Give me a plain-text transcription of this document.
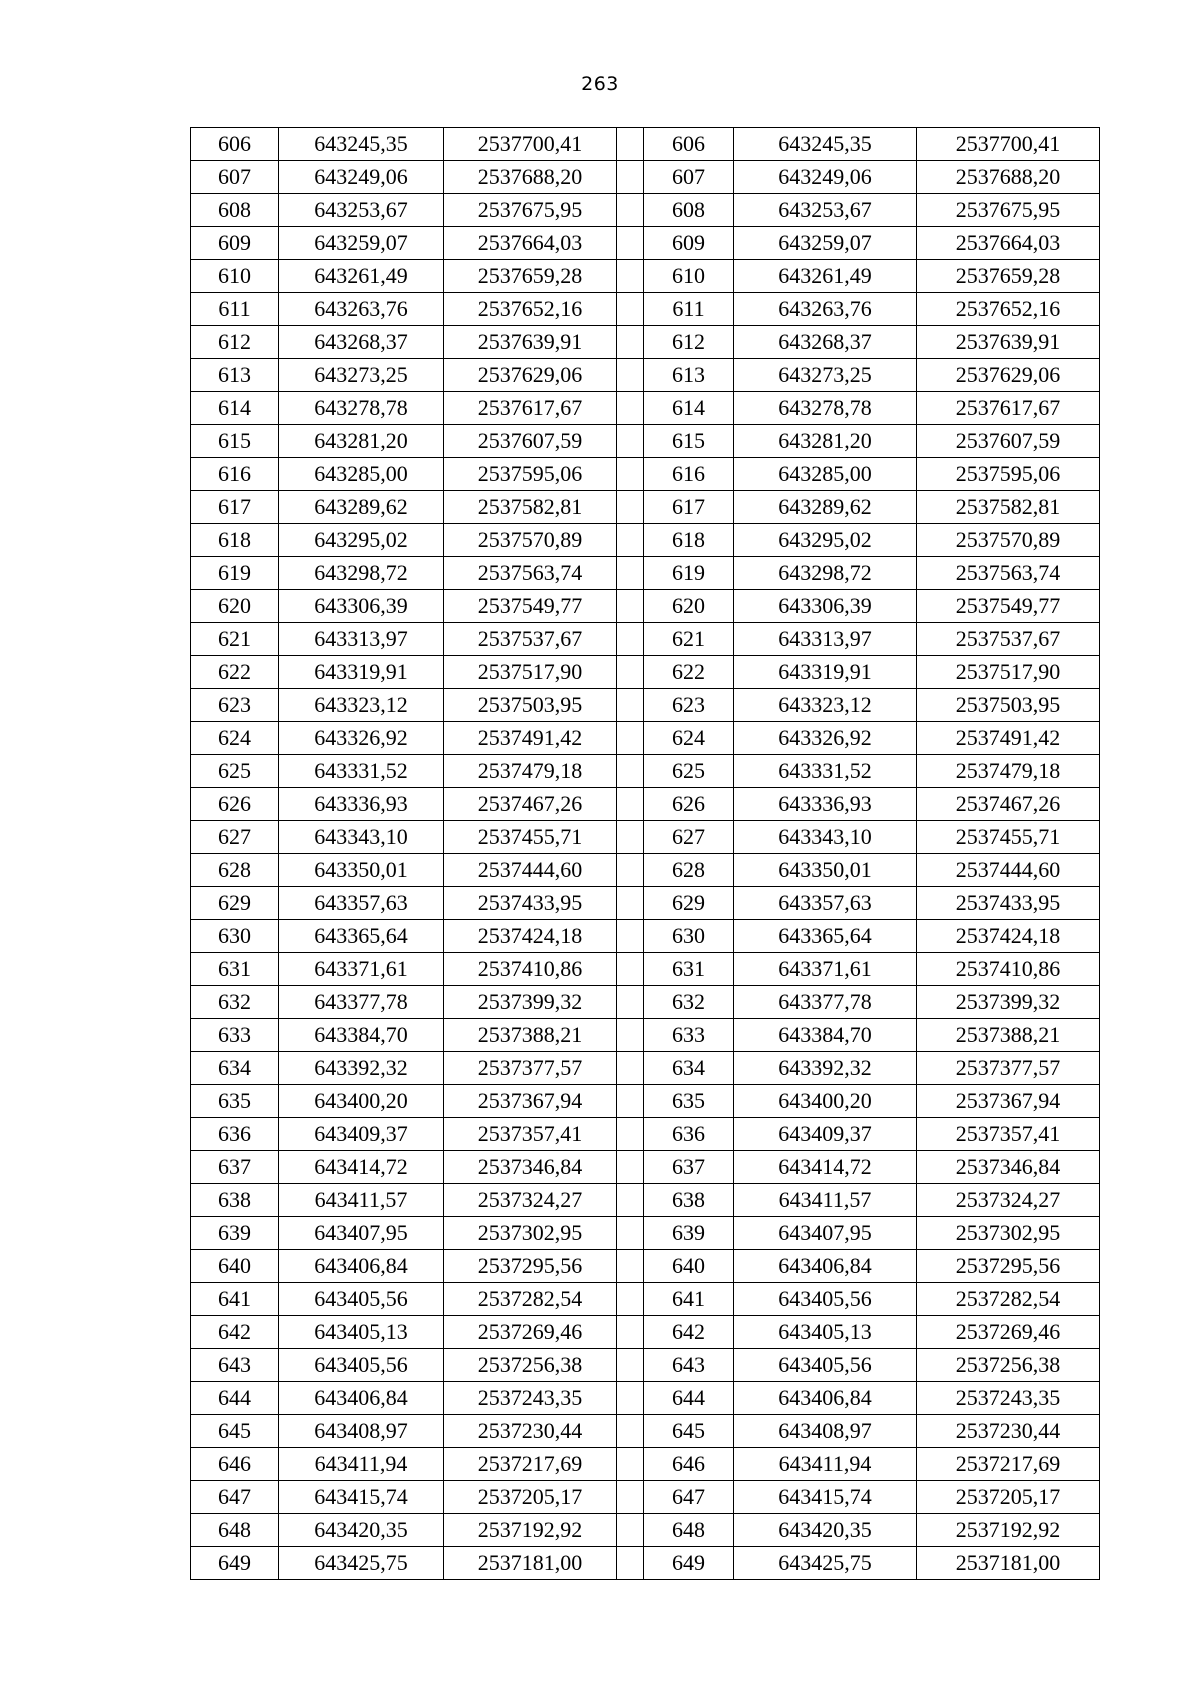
263
606	643245,35	2537700,41		606	643245,35	2537700,41
607	643249,06	2537688,20		607	643249,06	2537688,20
608	643253,67	2537675,95		608	643253,67	2537675,95
609	643259,07	2537664,03		609	643259,07	2537664,03
610	643261,49	2537659,28		610	643261,49	2537659,28
611	643263,76	2537652,16		611	643263,76	2537652,16
612	643268,37	2537639,91		612	643268,37	2537639,91
613	643273,25	2537629,06		613	643273,25	2537629,06
614	643278,78	2537617,67		614	643278,78	2537617,67
615	643281,20	2537607,59		615	643281,20	2537607,59
616	643285,00	2537595,06		616	643285,00	2537595,06
617	643289,62	2537582,81		617	643289,62	2537582,81
618	643295,02	2537570,89		618	643295,02	2537570,89
619	643298,72	2537563,74		619	643298,72	2537563,74
620	643306,39	2537549,77		620	643306,39	2537549,77
621	643313,97	2537537,67		621	643313,97	2537537,67
622	643319,91	2537517,90		622	643319,91	2537517,90
623	643323,12	2537503,95		623	643323,12	2537503,95
624	643326,92	2537491,42		624	643326,92	2537491,42
625	643331,52	2537479,18		625	643331,52	2537479,18
626	643336,93	2537467,26		626	643336,93	2537467,26
627	643343,10	2537455,71		627	643343,10	2537455,71
628	643350,01	2537444,60		628	643350,01	2537444,60
629	643357,63	2537433,95		629	643357,63	2537433,95
630	643365,64	2537424,18		630	643365,64	2537424,18
631	643371,61	2537410,86		631	643371,61	2537410,86
632	643377,78	2537399,32		632	643377,78	2537399,32
633	643384,70	2537388,21		633	643384,70	2537388,21
634	643392,32	2537377,57		634	643392,32	2537377,57
635	643400,20	2537367,94		635	643400,20	2537367,94
636	643409,37	2537357,41		636	643409,37	2537357,41
637	643414,72	2537346,84		637	643414,72	2537346,84
638	643411,57	2537324,27		638	643411,57	2537324,27
639	643407,95	2537302,95		639	643407,95	2537302,95
640	643406,84	2537295,56		640	643406,84	2537295,56
641	643405,56	2537282,54		641	643405,56	2537282,54
642	643405,13	2537269,46		642	643405,13	2537269,46
643	643405,56	2537256,38		643	643405,56	2537256,38
644	643406,84	2537243,35		644	643406,84	2537243,35
645	643408,97	2537230,44		645	643408,97	2537230,44
646	643411,94	2537217,69		646	643411,94	2537217,69
647	643415,74	2537205,17		647	643415,74	2537205,17
648	643420,35	2537192,92		648	643420,35	2537192,92
649	643425,75	2537181,00		649	643425,75	2537181,00
